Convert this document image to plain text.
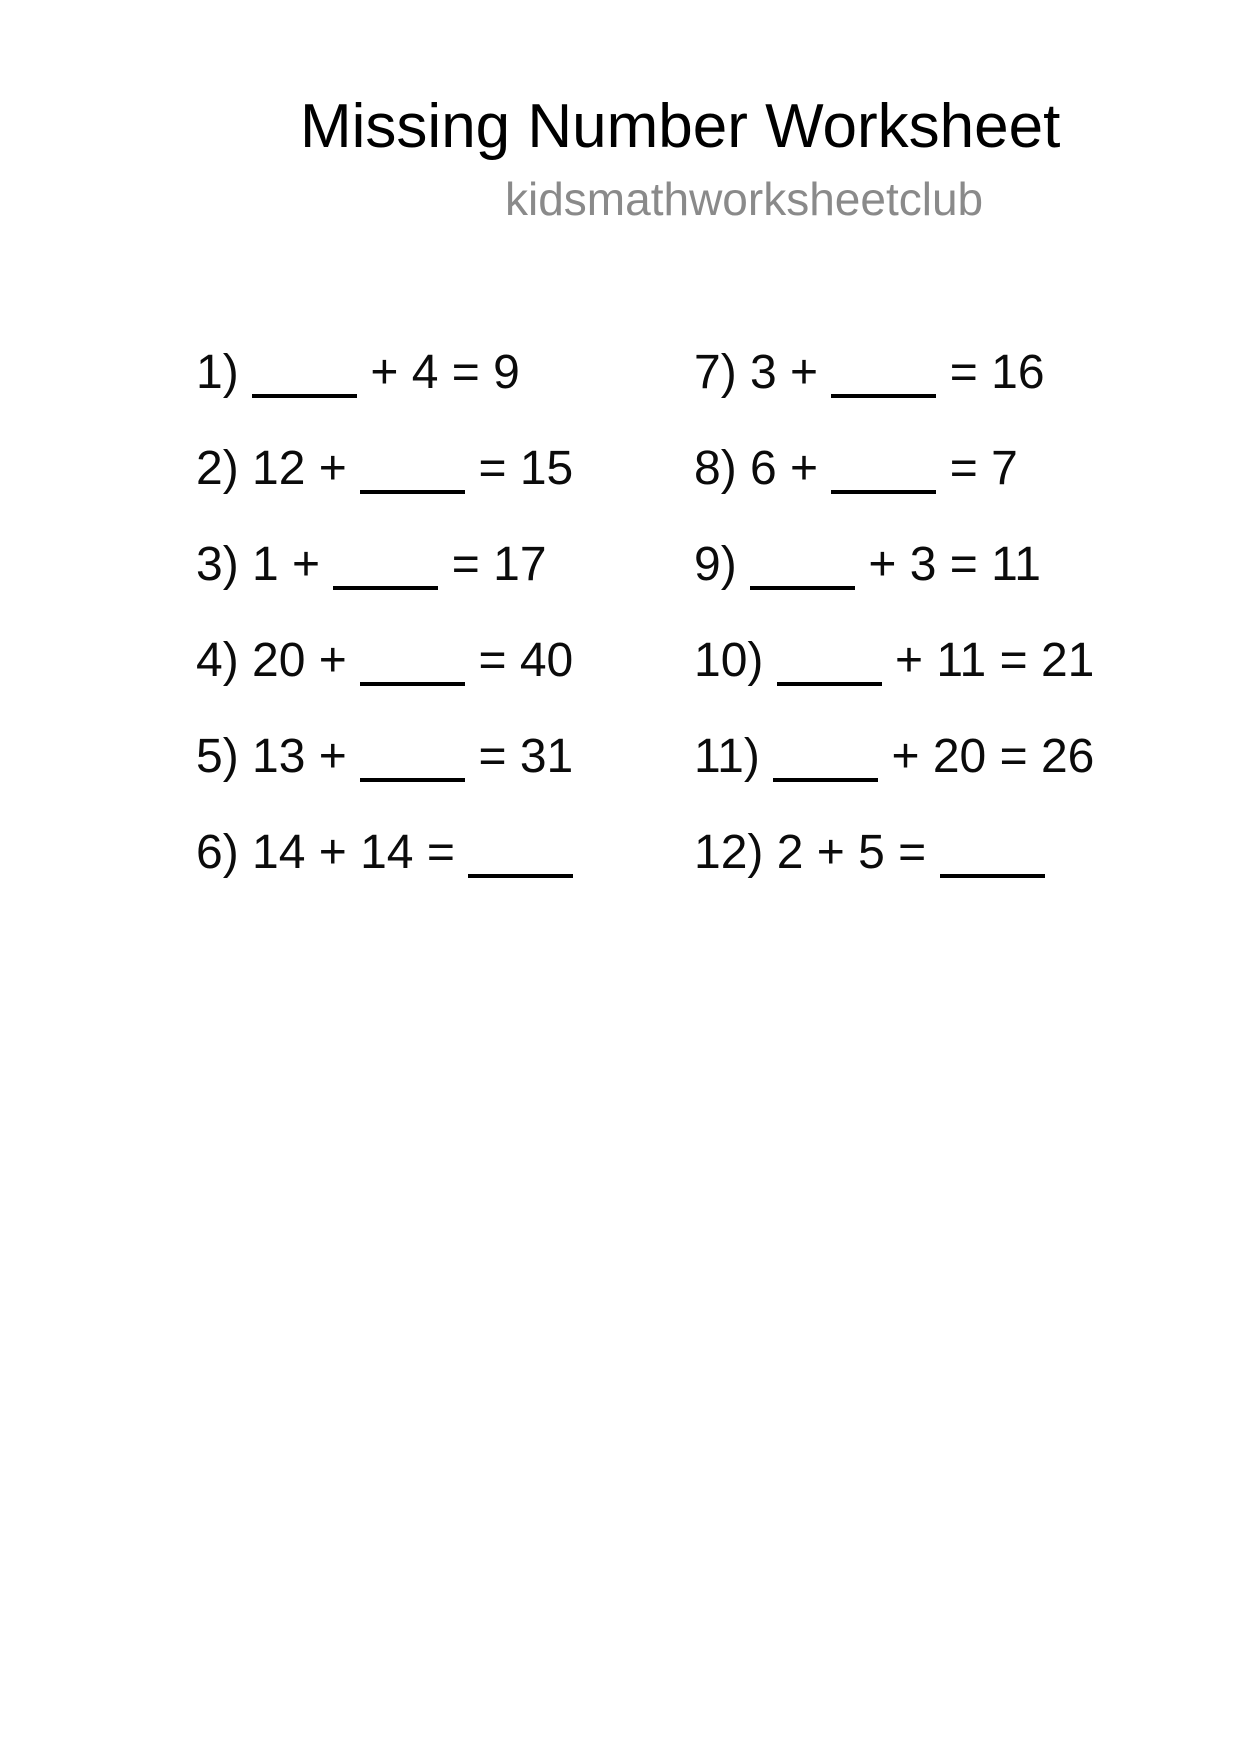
Missing Number Worksheet
kidsmathworksheetclub
1)  + 4 = 9
2) 12 +  = 15
3) 1 +  = 17
4) 20 +  = 40
5) 13 +  = 31
6) 14 + 14 =
7) 3 +  = 16
8) 6 +  = 7
9)  + 3 = 11
10)  + 11 = 21
11)  + 20 = 26
12) 2 + 5 =
